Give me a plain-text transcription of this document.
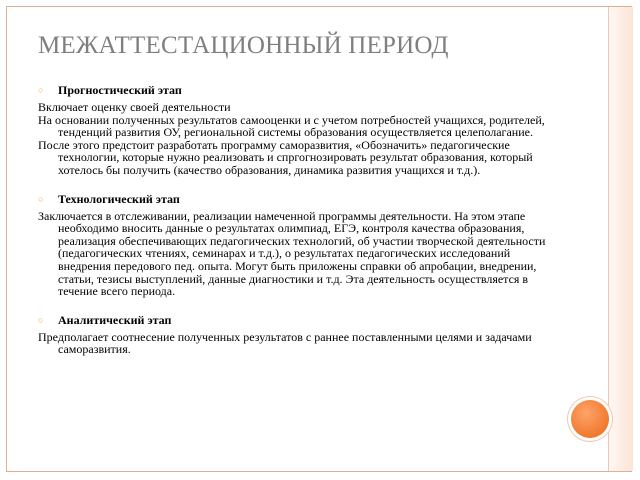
МЕЖАТТЕСТАЦИОННЫЙ ПЕРИОД

○ Прогностический этап

Включает оценку своей деятельности

На основании полученных результатов самооценки и с учетом потребностей учащихся, родителей, тенденций развития ОУ, региональной системы образования осуществляется целеполагание.

После этого предстоит разработать программу саморазвития, «Обозначить» педагогические технологии, которые нужно реализовать и спргогнозировать результат образования, который хотелось бы получить (качество образования, динамика развития учащихся и т.д.).

○ Технологический этап

Заключается в отслеживании, реализации намеченной программы деятельности. На этом этапе необходимо вносить данные о результатах олимпиад, ЕГЭ, контроля качества образования, реализация обеспечивающих педагогических технологий, об участии творческой деятельности (педагогических чтениях, семинарах и т.д.), о результатах педагогических исследований внедрения передового пед. опыта. Могут быть приложены справки об апробации, внедрении, статьи, тезисы выступлений, данные диагностики и т.д. Эта деятельность осуществляется в течение всего периода.

○ Аналитический этап

Предполагает соотнесение полученных результатов с раннее поставленными целями и задачами саморазвития.
